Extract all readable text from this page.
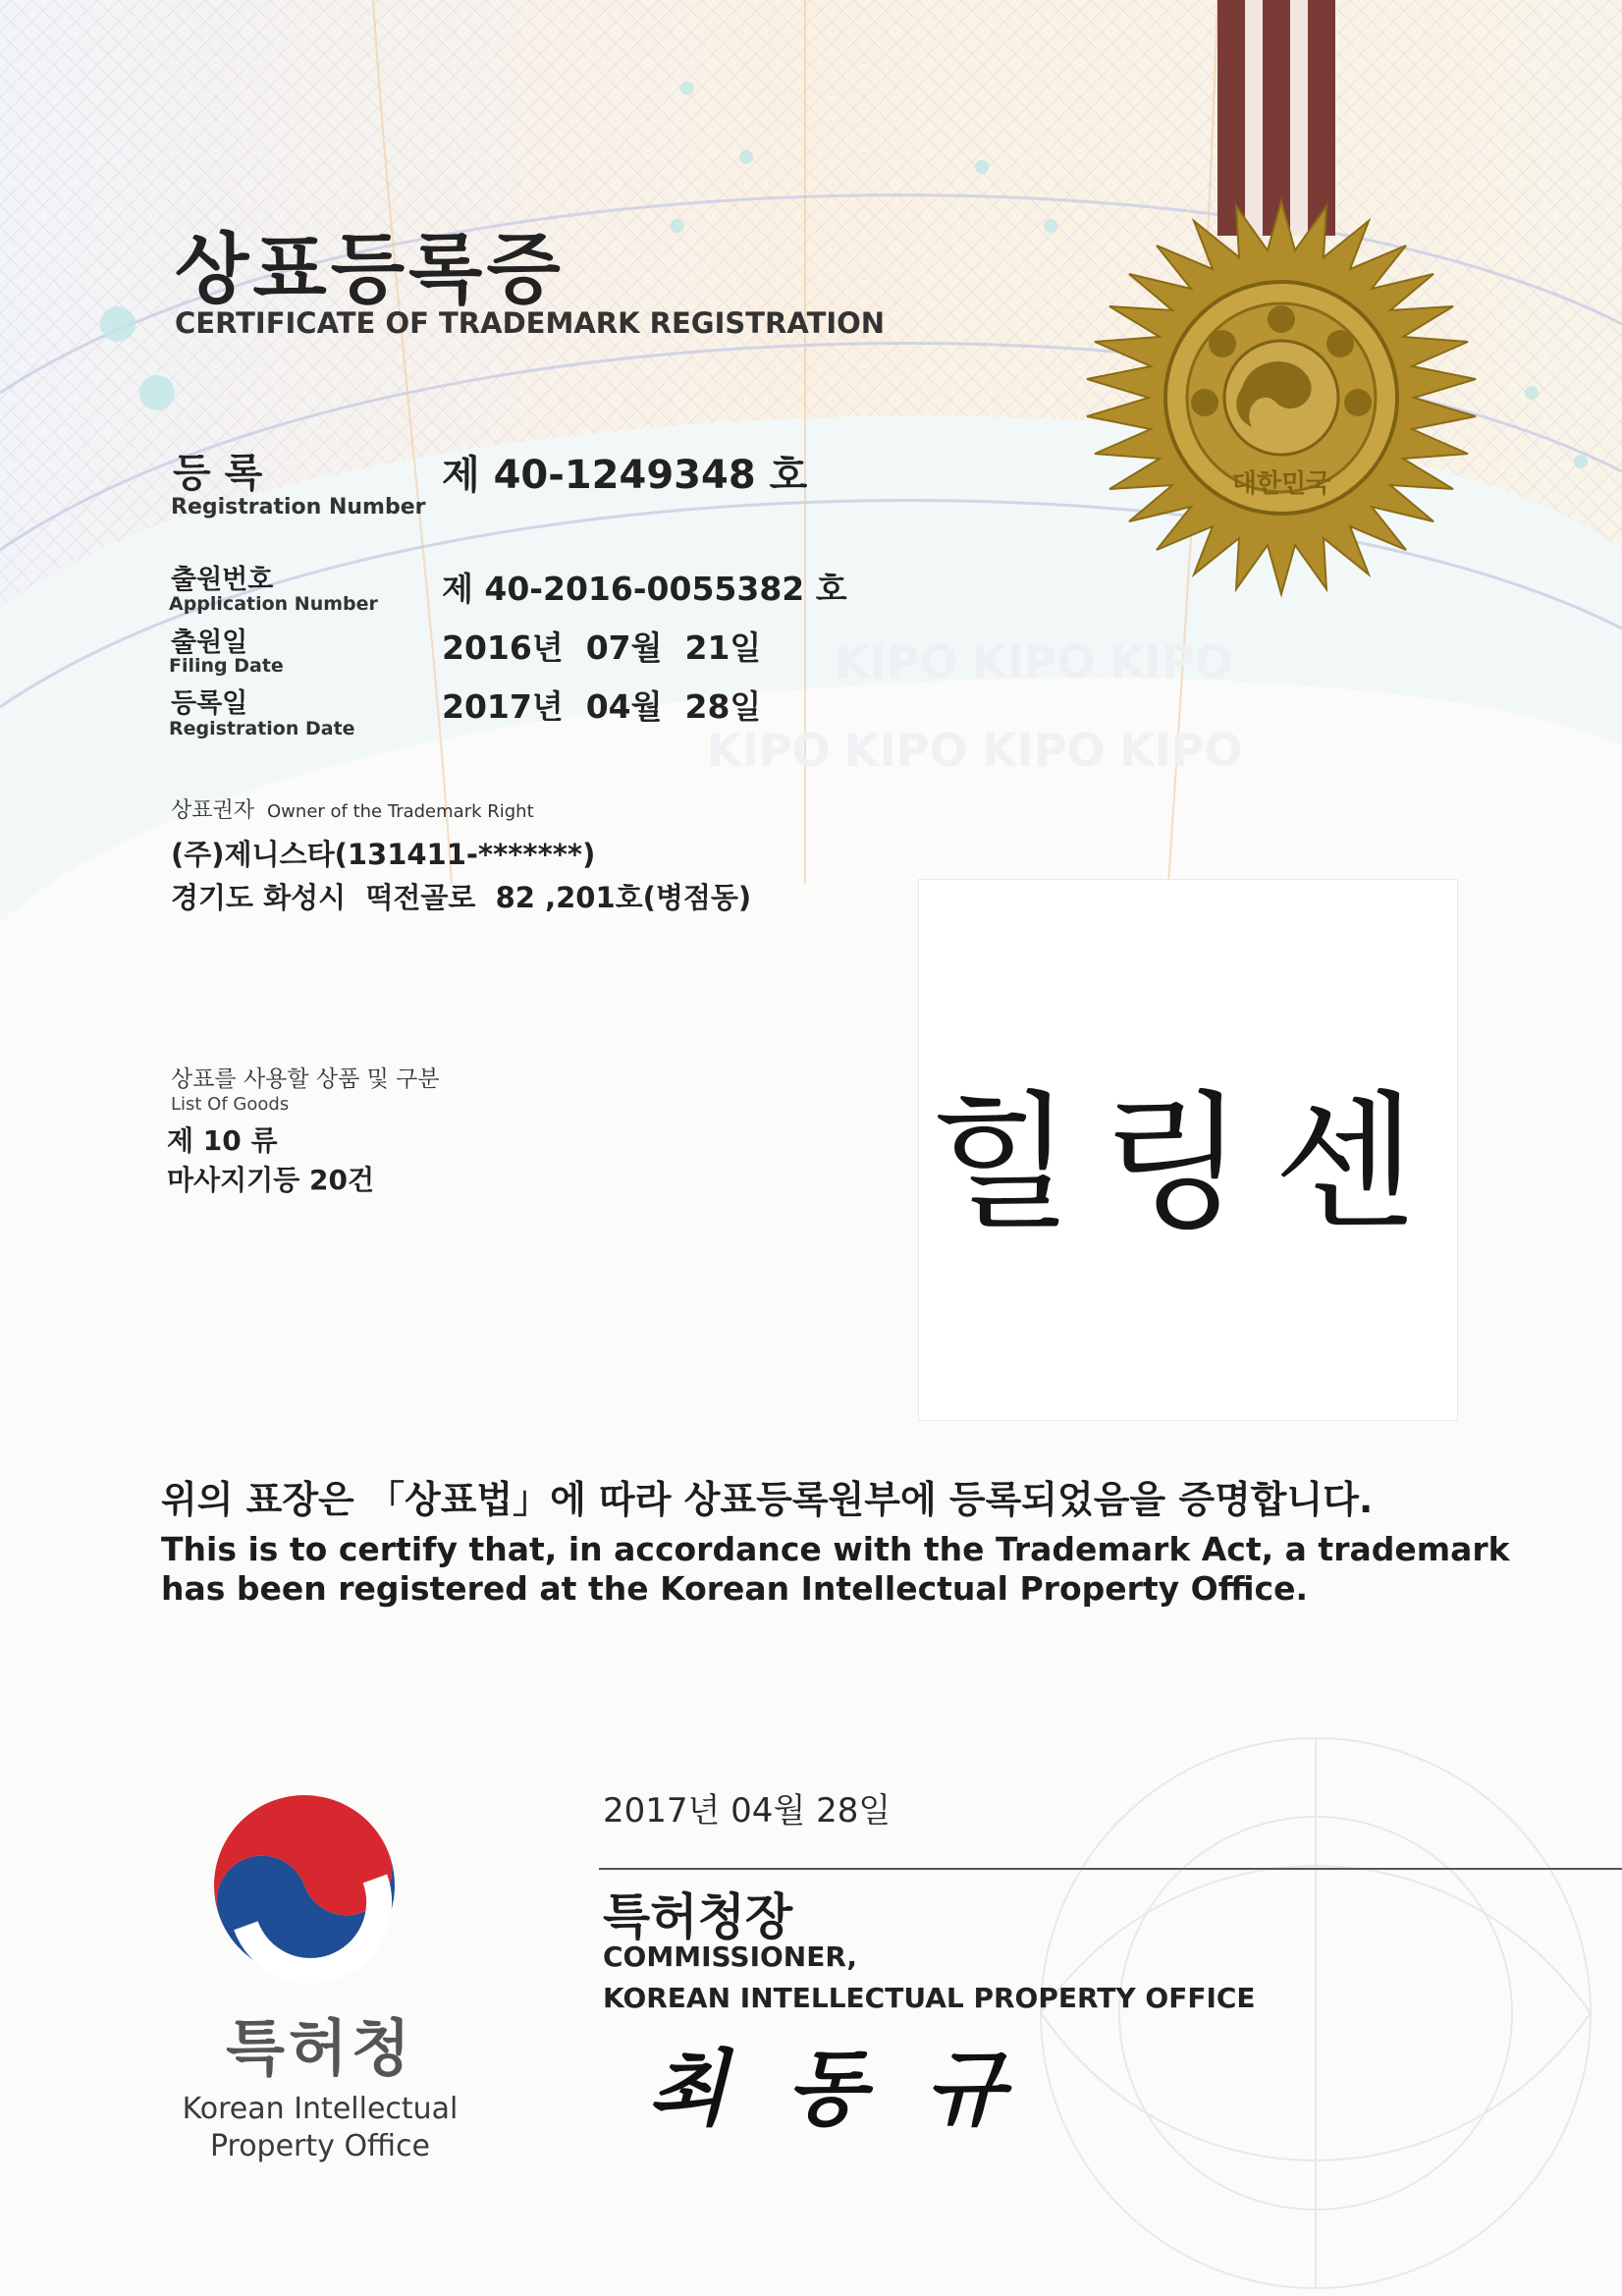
KIPO KIPO KIPO
KIPO KIPO KIPO KIPO
대한민국
상표등록증
CERTIFICATE OF TRADEMARK REGISTRATION
등 록
Registration Number
제 40-1249348 호
출원번호
Application Number 제 40-2016-0055382 호
출원일
Filing Date	2016년  07월  21일
등록일
Registration Date
2017년  04월  28일
상표권자 Owner of the Trademark Right
(주)제니스타(131411-*******)
경기도 화성시  떡전골로  82 ,201호(병점동)
힐링센
상표를 사용할 상품 및 구분
List Of Goods
제 10 류
마사지기등 20건
위의 표장은 「상표법」에 따라 상표등록원부에 등록되었음을 증명합니다.
This is to certify that, in accordance with the Trademark Act, a trademark
has been registered at the Korean Intellectual Property Office.
2017년 04월 28일
특허청장
COMMISSIONER,
KOREAN INTELLECTUAL PROPERTY OFFICE
최동규
특허청
Korean Intellectual
Property Office
